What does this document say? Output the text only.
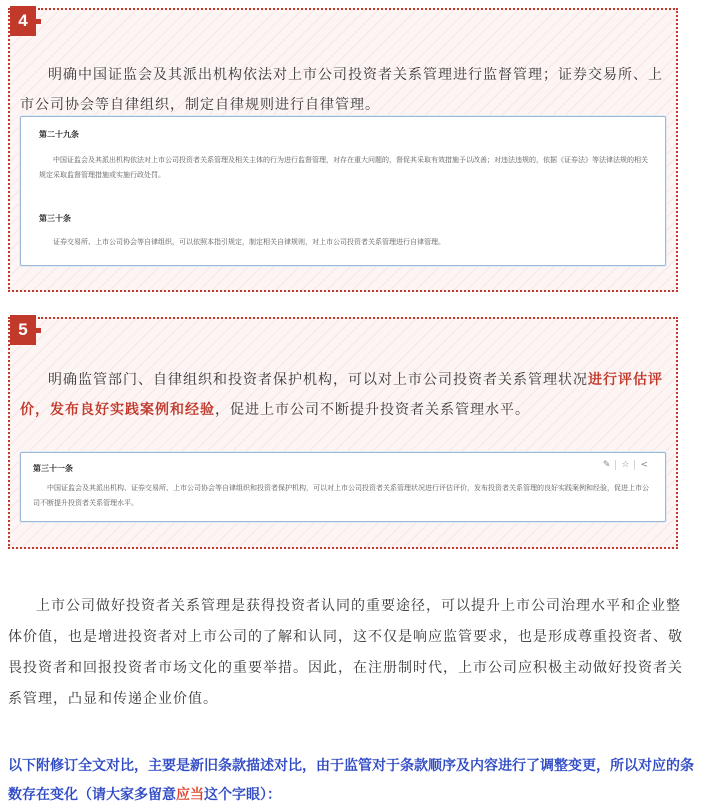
4

明确中国证监会及其派出机构依法对上市公司投资者关系管理进行监督管理；证券交易所、上市公司协会等自律组织，制定自律规则进行自律管理。

第二十九条

中国证监会及其派出机构依法对上市公司投资者关系管理及相关主体的行为进行监督管理，对存在重大问题的，督促其采取有效措施予以改善；对违法违规的，依据《证券法》等法律法规的相关规定采取监督管理措施或实施行政处罚。

第三十条

证券交易所、上市公司协会等自律组织，可以依照本指引规定，制定相关自律规则，对上市公司投资者关系管理进行自律管理。

5

明确监管部门、自律组织和投资者保护机构，可以对上市公司投资者关系管理状况进行评估评价，发布良好实践案例和经验，促进上市公司不断提升投资者关系管理水平。

✎	☆	<
第三十一条

中国证监会及其派出机构、证券交易所、上市公司协会等自律组织和投资者保护机构，可以对上市公司投资者关系管理状况进行评估评价，发布投资者关系管理的良好实践案例和经验，促进上市公司不断提升投资者关系管理水平。

上市公司做好投资者关系管理是获得投资者认同的重要途径，可以提升上市公司治理水平和企业整体价值，也是增进投资者对上市公司的了解和认同，这不仅是响应监管要求，也是形成尊重投资者、敬畏投资者和回报投资者市场文化的重要举措。因此，在注册制时代，上市公司应积极主动做好投资者关系管理，凸显和传递企业价值。

以下附修订全文对比，主要是新旧条款描述对比，由于监管对于条款顺序及内容进行了调整变更，所以对应的条数存在变化（请大家多留意应当这个字眼）：
